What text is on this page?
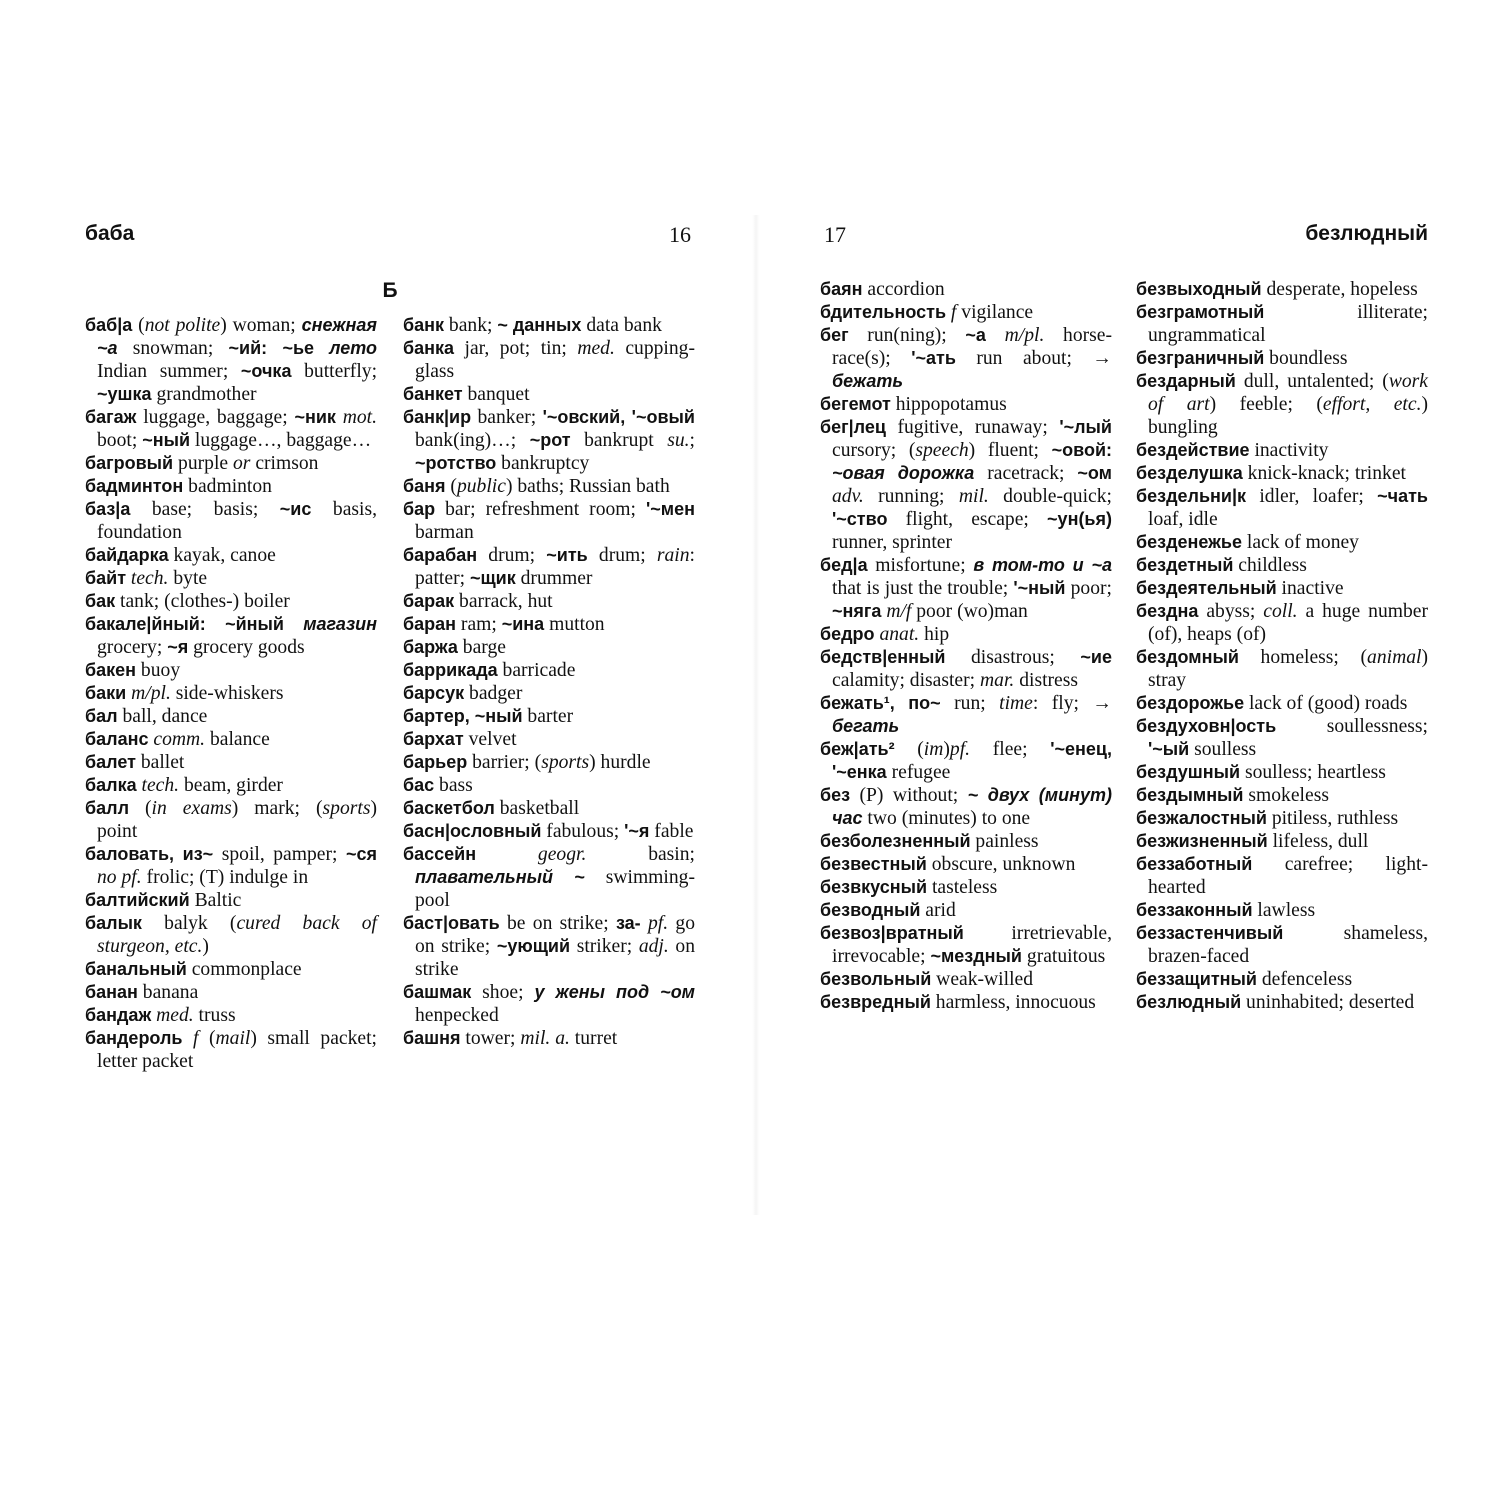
баба	16
Б
баб|а (not polite) woman; снежная ~а snowman; ~ий: ~ье лето Indian summer; ~очка butterfly; ~ушка grandmother
багаж luggage, baggage; ~ник mot. boot; ~ный luggage…, baggage…
багровый purple or crimson
бадминтон badminton
баз|а base; basis; ~ис basis, foundation
байдарка kayak, canoe
байт tech. byte
бак tank; (clothes-) boiler
бакале|йный: ~йный магазин grocery; ~я grocery goods
бакен buoy
баки m/pl. side-whiskers
бал ball, dance
баланс comm. balance
балет ballet
балка tech. beam, girder
балл (in exams) mark; (sports) point
баловать, из~ spoil, pamper; ~ся no pf. frolic; (T) indulge in
балтийский Baltic
балык balyk (cured back of sturgeon, etc.)
банальный commonplace
банан banana
бандаж med. truss
бандероль f (mail) small packet; letter packet
банк bank; ~ данных data bank
банка jar, pot; tin; med. cupping-glass
банкет banquet
банк|ир banker; '~овский, '~овый bank(ing)…; ~рот bankrupt su.; ~ротство bankruptcy
баня (public) baths; Russian bath
бар bar; refreshment room; '~мен barman
барабан drum; ~ить drum; rain: patter; ~щик drummer
барак barrack, hut
баран ram; ~ина mutton
баржа barge
баррикада barricade
барсук badger
бартер, ~ный barter
бархат velvet
барьер barrier; (sports) hurdle
бас bass
баскетбол basketball
басн|ословный fabulous; '~я fable
бассейн	geogr. basin; плавательный ~ swimming-pool
баст|овать be on strike; за- pf. go on strike; ~ующий striker; adj. on strike
башмак shoe; у жены под ~ом henpecked
башня tower; mil. a. turret
17	безлюдный
баян accordion
бдительность f vigilance
бег run(ning); ~а m/pl. horse-race(s); '~ать run about; → бежать
бегемот hippopotamus
бег|лец fugitive, runaway; '~лый cursory; (speech) fluent; ~овой: ~овая дорожка racetrack; ~ом adv. running; mil. double-quick; '~ство flight, escape; ~ун(ья) runner, sprinter
бед|а misfortune; в том-то и ~а that is just the trouble; '~ный poor; ~няга m/f poor (wo)man
бедро anat. hip
бедств|енный disastrous; ~ие calamity; disaster; mar. distress
бежать¹, по~ run; time: fly; → бегать
беж|ать² (im)pf. flee; '~енец, '~енка refugee
без (Р) without; ~ двух (минут) час two (minutes) to one
безболезненный painless
безвестный obscure, unknown
безвкусный tasteless
безводный arid
безвоз|вратный irretrievable, irrevocable; ~мездный gratuitous
безвольный weak-willed
безвредный harmless, innocuous
безвыходный desperate, hopeless
безграмотный illiterate; ungrammatical
безграничный boundless
бездарный dull, untalented; (work of art) feeble; (effort, etc.) bungling
бездействие inactivity
безделушка knick-knack; trinket
бездельни|к idler, loafer; ~чать loaf, idle
безденежье lack of money
бездетный childless
бездеятельный inactive
бездна abyss; coll. a huge number (of), heaps (of)
бездомный homeless; (animal) stray
бездорожье lack of (good) roads
бездуховн|ость soullessness; '~ый soulless
бездушный soulless; heartless
бездымный smokeless
безжалостный pitiless, ruthless
безжизненный lifeless, dull
беззаботный carefree; light-hearted
беззаконный lawless
беззастенчивый shameless, brazen-faced
беззащитный defenceless
безлюдный uninhabited; deserted
